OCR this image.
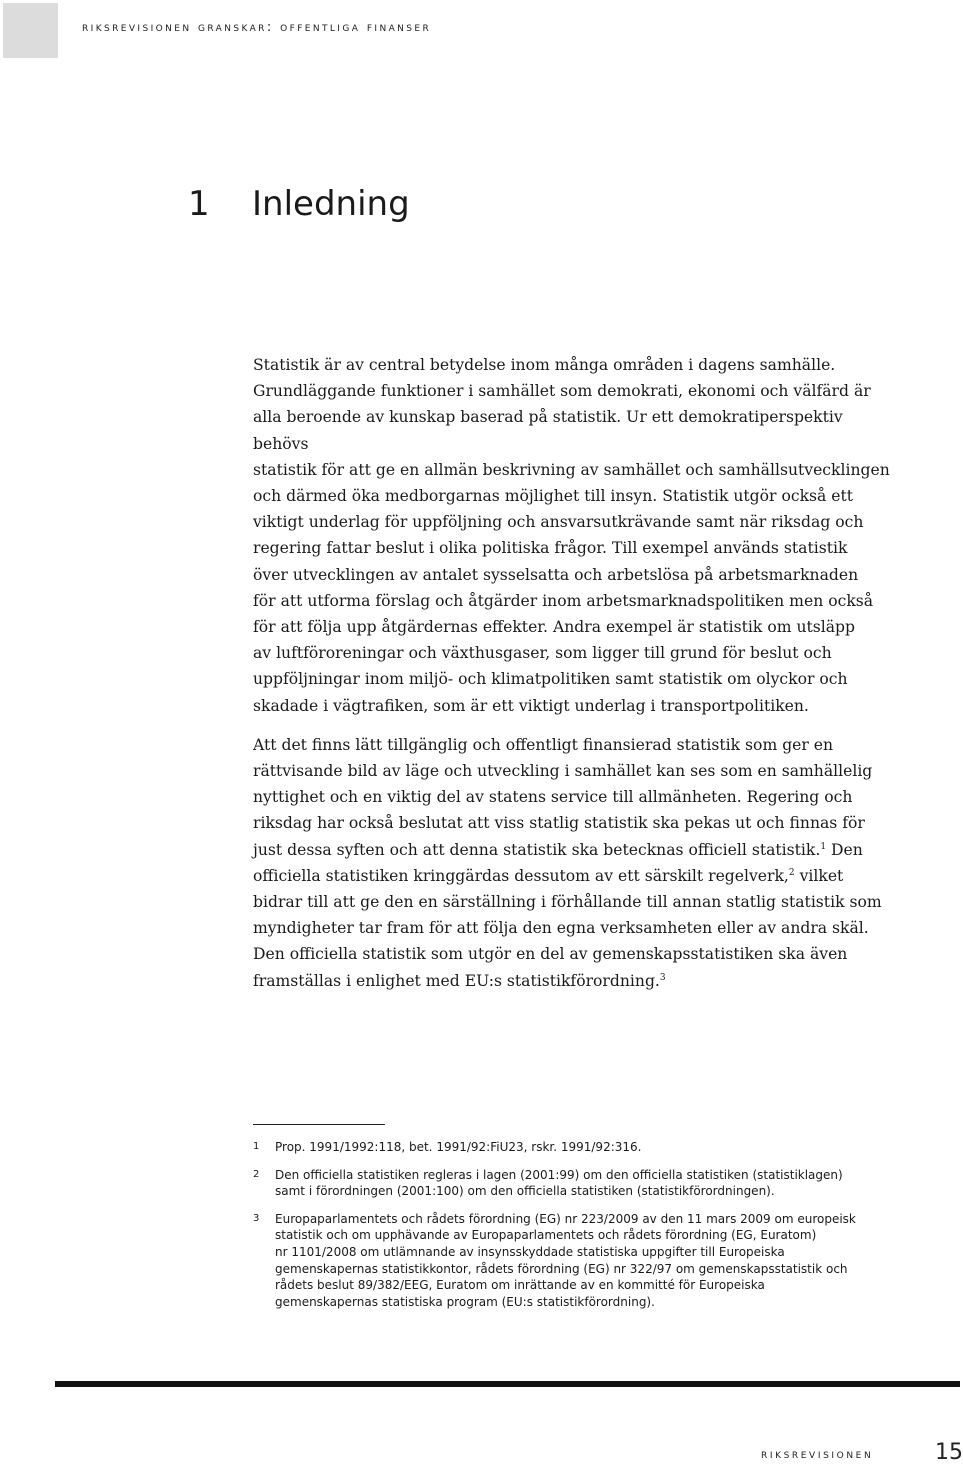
riksrevisionen granskar: offentliga finanser
1	Inledning

Statistik är av central betydelse inom många områden i dagens samhälle.
Grundläggande funktioner i samhället som demokrati, ekonomi och välfärd är
alla beroende av kunskap baserad på statistik. Ur ett demokratiperspektiv behövs
statistik för att ge en allmän beskrivning av samhället och samhällsutvecklingen
och därmed öka medborgarnas möjlighet till insyn. Statistik utgör också ett
viktigt underlag för uppföljning och ansvarsutkrävande samt när riksdag och
regering fattar beslut i olika politiska frågor. Till exempel används statistik
över utvecklingen av antalet sysselsatta och arbetslösa på arbetsmarknaden
för att utforma förslag och åtgärder inom arbetsmarknadspolitiken men också
för att följa upp åtgärdernas effekter. Andra exempel är statistik om utsläpp
av luftföroreningar och växthusgaser, som ligger till grund för beslut och
uppföljningar inom miljö- och klimatpolitiken samt statistik om olyckor och
skadade i vägtrafiken, som är ett viktigt underlag i transportpolitiken.

Att det finns lätt tillgänglig och offentligt finansierad statistik som ger en
rättvisande bild av läge och utveckling i samhället kan ses som en samhällelig
nyttighet och en viktig del av statens service till allmänheten. Regering och
riksdag har också beslutat att viss statlig statistik ska pekas ut och finnas för
just dessa syften och att denna statistik ska betecknas officiell statistik.$^1$ Den
officiella statistiken kringgärdas dessutom av ett särskilt regelverk,$^2$ vilket
bidrar till att ge den en särställning i förhållande till annan statlig statistik som
myndigheter tar fram för att följa den egna verksamheten eller av andra skäl.
Den officiella statistik som utgör en del av gemenskapsstatistiken ska även
framställas i enlighet med EU:s statistikförordning.$^3$

1	Prop. 1991/1992:118, bet. 1991/92:FiU23, rskr. 1991/92:316.
2	Den officiella statistiken regleras i lagen (2001:99) om den officiella statistiken (statistiklagen)
samt i förordningen (2001:100) om den officiella statistiken (statistikförordningen).
3	Europaparlamentets och rådets förordning (EG) nr 223/2009 av den 11 mars 2009 om europeisk
statistik och om upphävande av Europaparlamentets och rådets förordning (EG, Euratom)
nr 1101/2008 om utlämnande av insynsskyddade statistiska uppgifter till Europeiska
gemenskapernas statistikkontor, rådets förordning (EG) nr 322/97 om gemenskapsstatistik och
rådets beslut 89/382/EEG, Euratom om inrättande av en kommitté för Europeiska
gemenskapernas statistiska program (EU:s statistikförordning).
riksrevisionen	15
